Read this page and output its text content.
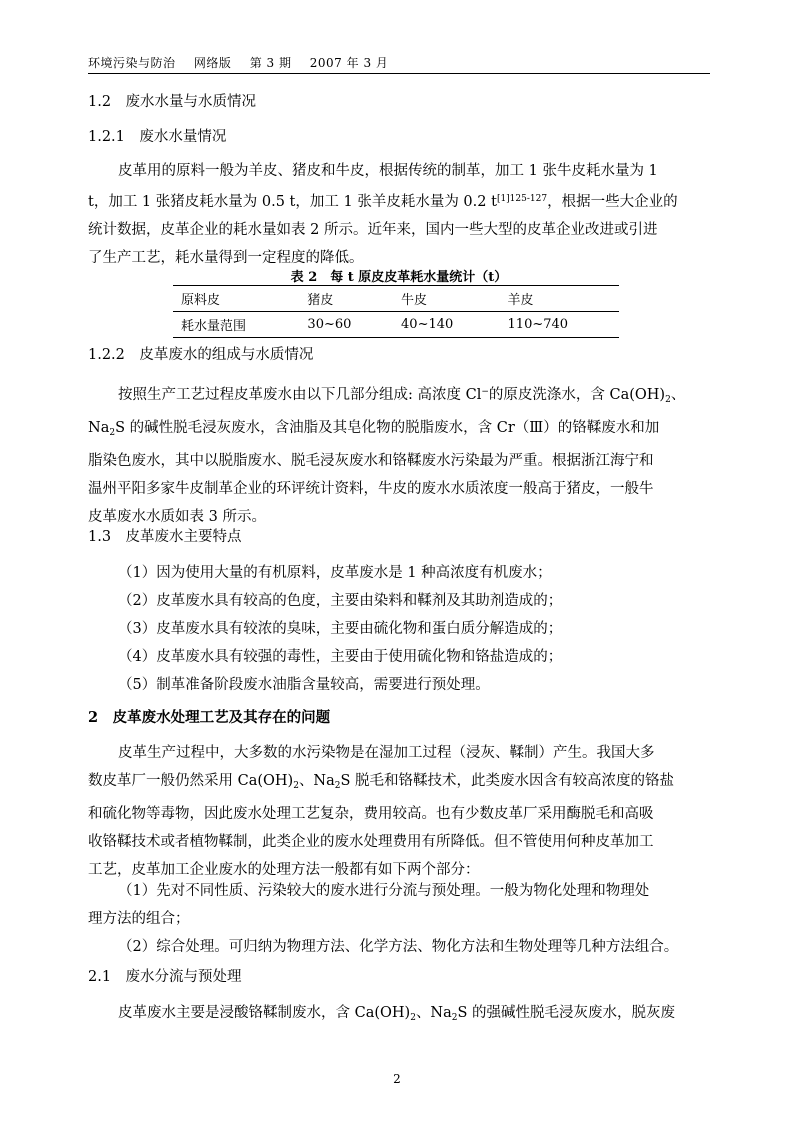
环境污染与防治 网络版 第 3 期 2007 年 3 月
1.2　废水水量与水质情况
1.2.1　废水水量情况
皮革用的原料一般为羊皮、猪皮和牛皮，根据传统的制革，加工 1 张牛皮耗水量为 1
t，加工 1 张猪皮耗水量为 0.5 t，加工 1 张羊皮耗水量为 0.2 $t^{[1]125-127}$，根据一些大企业的
统计数据，皮革企业的耗水量如表 2 所示。近年来，国内一些大型的皮革企业改进或引进
了生产工艺，耗水量得到一定程度的降低。
表 2　每 t 原皮皮革耗水量统计（t）
原料皮	猪皮	牛皮	羊皮
耗水量范围	30~60	40~140	110~740
1.2.2　皮革废水的组成与水质情况
按照生产工艺过程皮革废水由以下几部分组成: 高浓度 Cl−的原皮洗涤水，含 $Ca(OH)_2$、
$Na_2S$ 的碱性脱毛浸灰废水，含油脂及其皂化物的脱脂废水，含 Cr（Ⅲ）的铬鞣废水和加
脂染色废水，其中以脱脂废水、脱毛浸灰废水和铬鞣废水污染最为严重。根据浙江海宁和
温州平阳多家牛皮制革企业的环评统计资料，牛皮的废水水质浓度一般高于猪皮，一般牛
皮革废水水质如表 3 所示。
1.3　皮革废水主要特点
（1）因为使用大量的有机原料，皮革废水是 1 种高浓度有机废水；
（2）皮革废水具有较高的色度，主要由染料和鞣剂及其助剂造成的；
（3）皮革废水具有较浓的臭味，主要由硫化物和蛋白质分解造成的；
（4）皮革废水具有较强的毒性，主要由于使用硫化物和铬盐造成的；
（5）制革准备阶段废水油脂含量较高，需要进行预处理。
2　皮革废水处理工艺及其存在的问题
皮革生产过程中，大多数的水污染物是在湿加工过程（浸灰、鞣制）产生。我国大多
数皮革厂一般仍然采用 $Ca(OH)_2$、$Na_2S$ 脱毛和铬鞣技术，此类废水因含有较高浓度的铬盐
和硫化物等毒物，因此废水处理工艺复杂，费用较高。也有少数皮革厂采用酶脱毛和高吸
收铬鞣技术或者植物鞣制，此类企业的废水处理费用有所降低。但不管使用何种皮革加工
工艺，皮革加工企业废水的处理方法一般都有如下两个部分：
（1）先对不同性质、污染较大的废水进行分流与预处理。一般为物化处理和物理处
理方法的组合；
（2）综合处理。可归纳为物理方法、化学方法、物化方法和生物处理等几种方法组合。
2.1　废水分流与预处理
皮革废水主要是浸酸铬鞣制废水，含 $Ca(OH)_2$、$Na_2S$ 的强碱性脱毛浸灰废水，脱灰废
2
